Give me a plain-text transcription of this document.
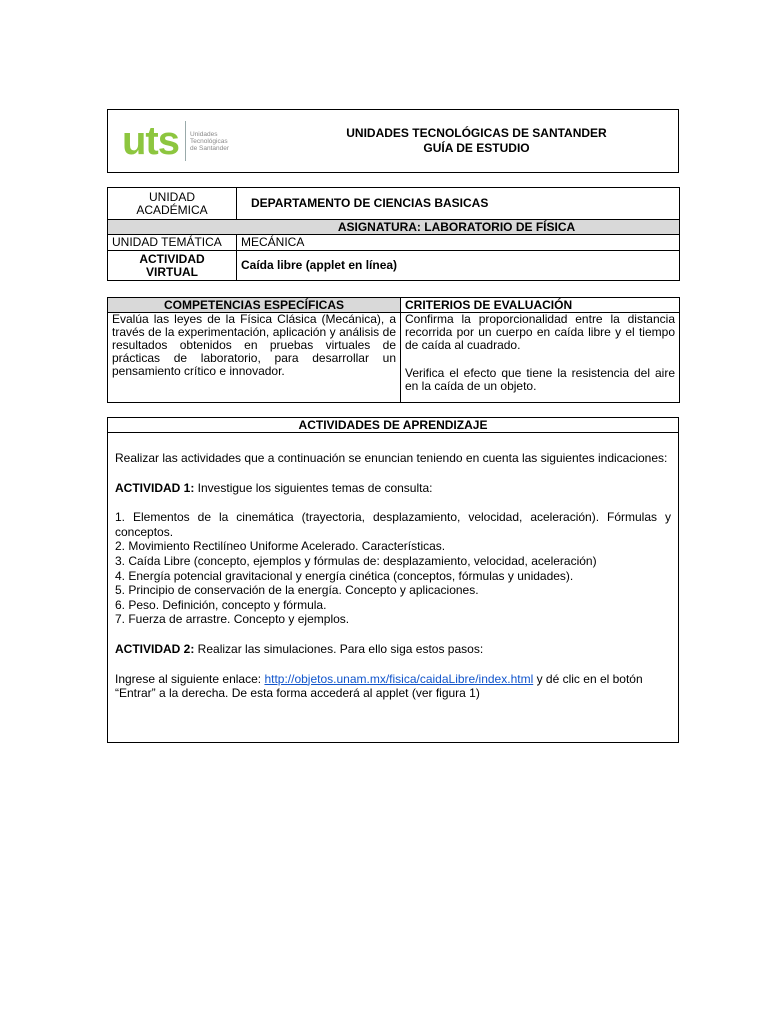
uts Unidades
Tecnológicas
de Santander
UNIDADES TECNOLÓGICAS DE SANTANDER
GUÍA DE ESTUDIO
UNIDAD ACADÉMICA	DEPARTAMENTO DE CIENCIAS BASICAS
ASIGNATURA: LABORATORIO DE FÍSICA	
UNIDAD TEMÁTICA	MECÁNICA
ACTIVIDAD VIRTUAL	Caída libre (applet en línea)
COMPETENCIAS ESPECÍFICAS	CRITERIOS DE EVALUACIÓN
Evalúa las leyes de la Física Clásica (Mecánica), a través de la experimentación, aplicación y análisis de resultados obtenidos en pruebas virtuales de prácticas de laboratorio, para desarrollar un pensamiento crítico e innovador.	Confirma la proporcionalidad entre la distancia recorrida por un cuerpo en caída libre y el tiempo de caída al cuadrado.
Verifica el efecto que tiene la resistencia del aire en la caída de un objeto.
ACTIVIDADES DE APRENDIZAJE

Realizar las actividades que a continuación se enuncian teniendo en cuenta las siguientes indicaciones:

ACTIVIDAD 1: Investigue los siguientes temas de consulta:

1. Elementos de la cinemática (trayectoria, desplazamiento, velocidad, aceleración). Fórmulas y conceptos.
2. Movimiento Rectilíneo Uniforme Acelerado. Características.
3. Caída Libre (concepto, ejemplos y fórmulas de: desplazamiento, velocidad, aceleración)
4. Energía potencial gravitacional y energía cinética (conceptos, fórmulas y unidades).
5. Principio de conservación de la energía. Concepto y aplicaciones.
6. Peso. Definición, concepto y fórmula.
7. Fuerza de arrastre. Concepto y ejemplos.

ACTIVIDAD 2: Realizar las simulaciones. Para ello siga estos pasos:

Ingrese al siguiente enlace: http://objetos.unam.mx/fisica/caidaLibre/index.html y dé clic en el botón “Entrar” a la derecha. De esta forma accederá al applet (ver figura 1)
